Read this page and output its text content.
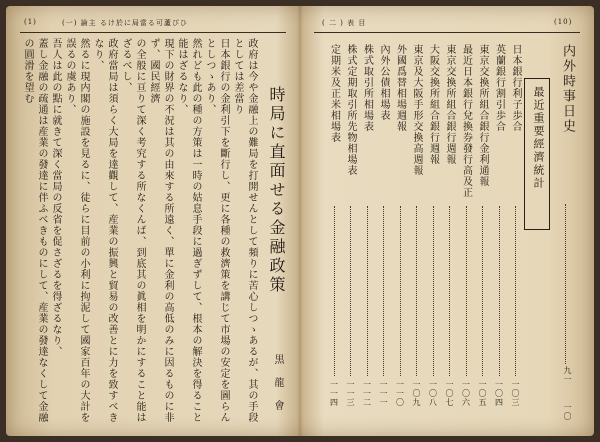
(1)	(一) 論主 るけ於に局當る可蘆ぴひ
政府は今や金融上の難局を打開せんとして頻りに苦心しつゝあるが、其の手段としては差當り
日本銀行の金利引下を斷行し、更に各種の救濟策を講じて市場の安定を圖らんとしつゝあり、
然れども此の種の方策は一時の姑息手段に過ぎずして、根本の解決を得ること能はざるなり、
現下の財界の不況は其の由來する所遠く、單に金利の高低のみに因るものに非ず、國民經濟
の全般に亘りて深く考究する所なくんば、到底其の眞相を明かにすること能はざるべし、
政府當局は須らく大局を達觀して、産業の振興と貿易の改善とに力を致すべきなり、
然るに現内閣の施設を見るに、徒らに目前の小利に拘泥して國家百年の大計を誤るの虞あり、
吾人は此の點に就きて深く當局の反省を促さざるを得ざるなり、
蓋し金融の疏通は産業の發達に伴ふべきものにして、産業の發達なくして金融の圓滑を望む
時局に直面せる金融政策
黒 龍 會
( 二 ) 表 目	(10)
内外時事日史
九一 　一〇
最近重要經濟統計
日本銀行利子歩合
一〇三
英蘭銀行割引歩合
一〇四
東京交換所組合銀行金利通報
一〇五
最近日本銀行兌換券發行高及正
一〇六
東京交換所組合銀行週報
一〇七
大阪交換所組合銀行週報
一〇八
東京及大阪手形交換高週報
一〇九
外國爲替相場週報
一一〇
內外公債相場表
一一一
株式取引所相場表
一一二
株式定期取引所先物相場表
一一三
定期米及正米相場表
一一四
